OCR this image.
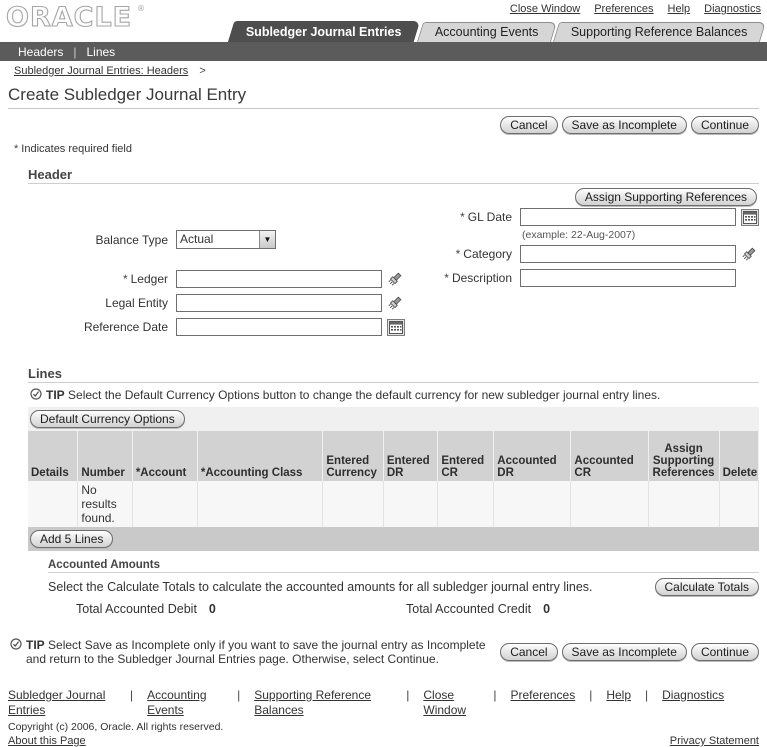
ORACLE ®	Close Window Preferences Help Diagnostics
Subledger Journal Entries	Accounting Events	Supporting Reference Balances
Headers | Lines
Subledger Journal Entries: Headers >
Create Subledger Journal Entry
Cancel	Save as Incomplete	Continue
* Indicates required field
Header
Assign Supporting References
Balance Type	Actual	▼
* Ledger
Legal Entity
Reference Date
* GL Date
(example: 22-Aug-2007)
* Category
* Description
Lines
TIP Select the Default Currency Options button to change the default currency for new subledger journal entry lines.
Default Currency Options
Details	Number	*Account	*Accounting Class	Entered Currency	Entered DR	Entered CR	Accounted DR	Accounted CR	Assign Supporting References	Delete
	No results found.									
Add 5 Lines
Accounted Amounts
Select the Calculate Totals to calculate the accounted amounts for all subledger journal entry lines.	Calculate Totals
Total Accounted Debit 0	Total Accounted Credit 0
TIP Select Save as Incomplete only if you want to save the journal entry as Incomplete and return to the Subledger Journal Entries page. Otherwise, select Continue.	Cancel	Save as Incomplete	Continue
Subledger Journal Entries
| Accounting Events
| Supporting Reference Balances
| Close Window
| Preferences | Help | Diagnostics
Copyright (c) 2006, Oracle. All rights reserved.
About this Page	Privacy Statement
